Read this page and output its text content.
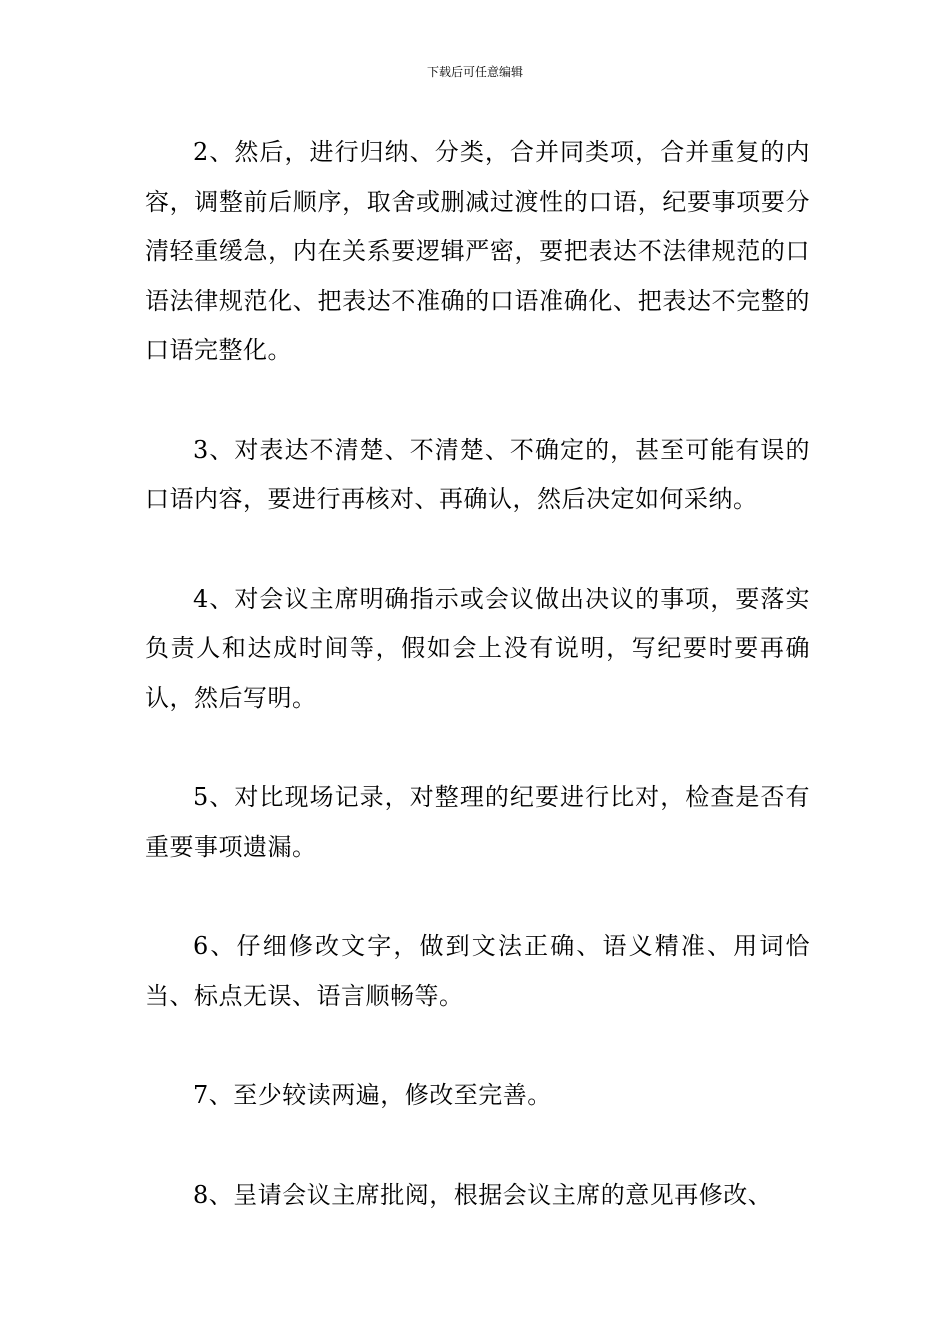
下载后可任意编辑

2、然后，进行归纳、分类，合并同类项，合并重复的内容，调整前后顺序，取舍或删减过渡性的口语，纪要事项要分清轻重缓急，内在关系要逻辑严密，要把表达不法律规范的口语法律规范化、把表达不准确的口语准确化、把表达不完整的口语完整化。

3、对表达不清楚、不清楚、不确定的，甚至可能有误的口语内容，要进行再核对、再确认，然后决定如何采纳。

4、对会议主席明确指示或会议做出决议的事项，要落实负责人和达成时间等，假如会上没有说明，写纪要时要再确认，然后写明。

5、对比现场记录，对整理的纪要进行比对，检查是否有重要事项遗漏。

6、仔细修改文字，做到文法正确、语义精准、用词恰当、标点无误、语言顺畅等。

7、至少较读两遍，修改至完善。

8、呈请会议主席批阅，根据会议主席的意见再修改、
